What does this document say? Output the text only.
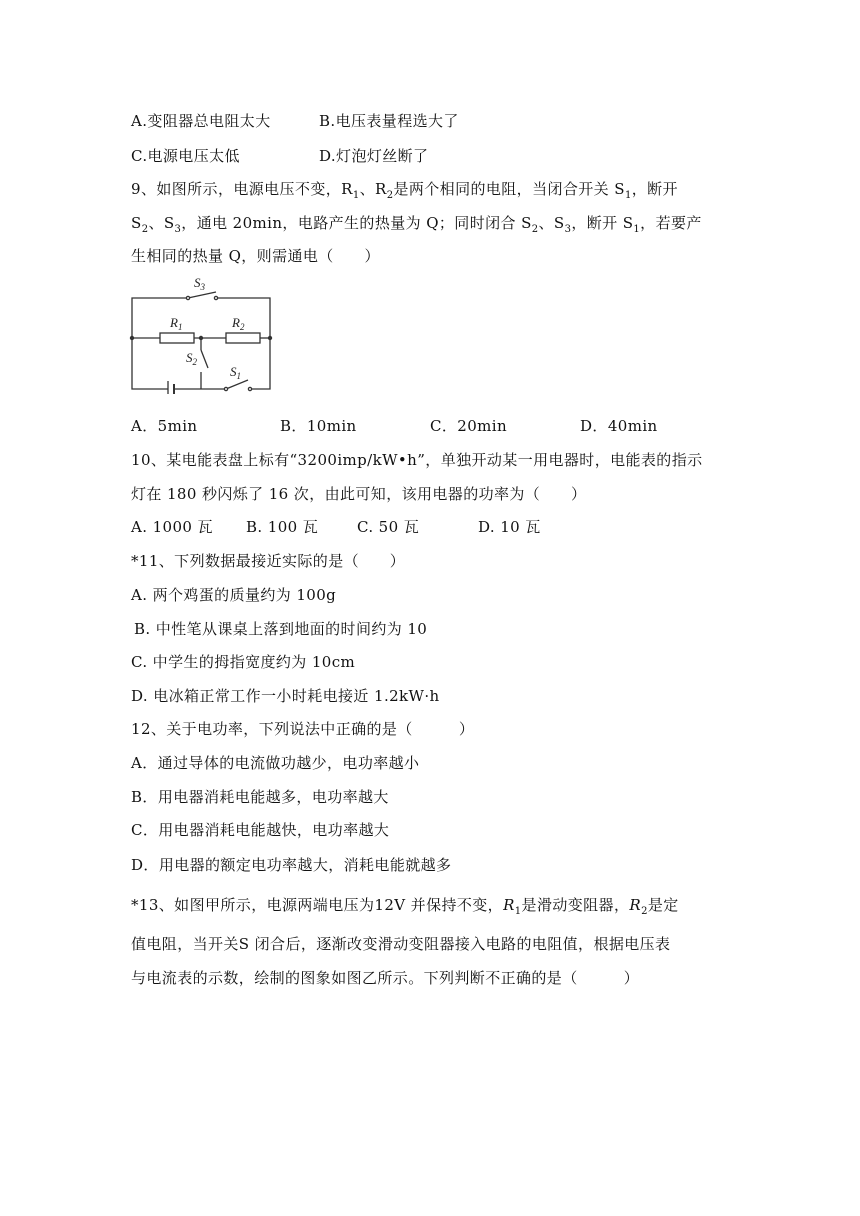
A.变阻器总电阻太大	B.电压表量程选大了
C.电源电压太低	D.灯泡灯丝断了
9、如图所示，电源电压不变，$R_1$、$R_2$是两个相同的电阻，当闭合开关 $S_1$，断开
$S_2$、$S_3$，通电 20min，电路产生的热量为 Q；同时闭合 $S_2$、$S_3$，断开 $S_1$，若要产
生相同的热量 Q，则需通电（　　）
$S_3$
$R_1$	$R_2$
$S_2$
$S_1$
A．5min	B．10min	C．20min	D．40min
10、某电能表盘上标有“3200imp/kW•h”，单独开动某一用电器时，电能表的指示
灯在 180 秒闪烁了 16 次，由此可知，该用电器的功率为（　　）
A. 1000 瓦 B. 100 瓦	C. 50 瓦	D. 10 瓦
*11、下列数据最接近实际的是（　　）
A. 两个鸡蛋的质量约为 100g
B. 中性笔从课桌上落到地面的时间约为 10
C. 中学生的拇指宽度约为 10cm
D. 电冰箱正常工作一小时耗电接近 1.2kW·h
12、关于电功率，下列说法中正确的是（　　　）
A．通过导体的电流做功越少，电功率越小
B．用电器消耗电能越多，电功率越大
C．用电器消耗电能越快，电功率越大
D．用电器的额定电功率越大，消耗电能就越多
*13、如图甲所示，电源两端电压为12V 并保持不变，$R_1$是滑动变阻器，$R_2$是定
值电阻，当开关S 闭合后，逐渐改变滑动变阻器接入电路的电阻值，根据电压表
与电流表的示数，绘制的图象如图乙所示。下列判断不正确的是（　　　）
